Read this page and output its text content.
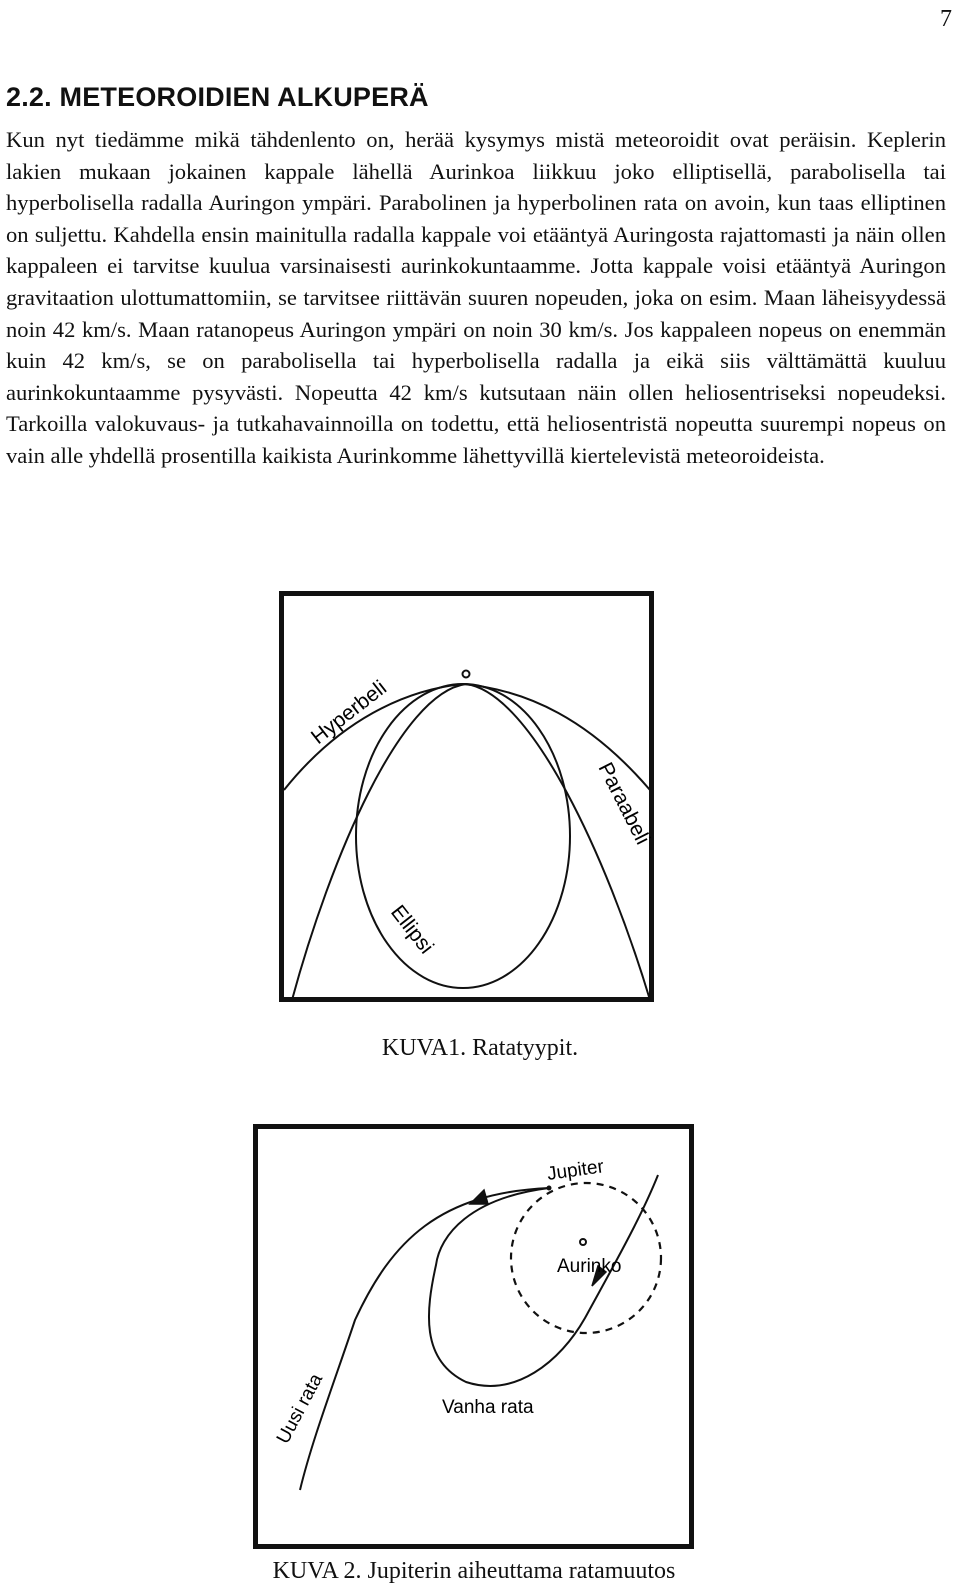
7
2.2. METEOROIDIEN ALKUPERÄ

Kun nyt tiedämme mikä tähdenlento on, herää kysymys mistä meteoroidit ovat peräisin. Keplerin lakien mukaan jokainen kappale lähellä Aurinkoa liikkuu joko elliptisellä, parabolisella tai hyperbolisella radalla Auringon ympäri. Parabolinen ja hyperbolinen rata on avoin, kun taas elliptinen on suljettu. Kahdella ensin mainitulla radalla kappale voi etääntyä Auringosta rajattomasti ja näin ollen kappaleen ei tarvitse kuulua varsinaisesti aurinkokuntaamme. Jotta kappale voisi etääntyä Auringon gravitaation ulottumattomiin, se tarvitsee riittävän suuren nopeuden, joka on esim. Maan läheisyydessä noin 42 km/s. Maan ratanopeus Auringon ympäri on noin 30 km/s. Jos kappaleen nopeus on enemmän kuin 42 km/s, se on parabolisella tai hyperbolisella radalla ja eikä siis välttämättä kuuluu aurinkokuntaamme pysyvästi. Nopeutta 42 km/s kutsutaan näin ollen heliosentriseksi nopeudeksi. Tarkoilla valokuvaus- ja tutkahavainnoilla on todettu, että heliosentristä nopeutta suurempi nopeus on vain alle yhdellä prosentilla kaikista Aurinkomme lähettyvillä kiertelevistä meteoroideista.

Hyperbeli
Paraabeli
Ellipsi
KUVA1. Ratatyypit.
Jupiter
Aurinko
Vanha rata
Uusi rata
KUVA 2. Jupiterin aiheuttama ratamuutos
